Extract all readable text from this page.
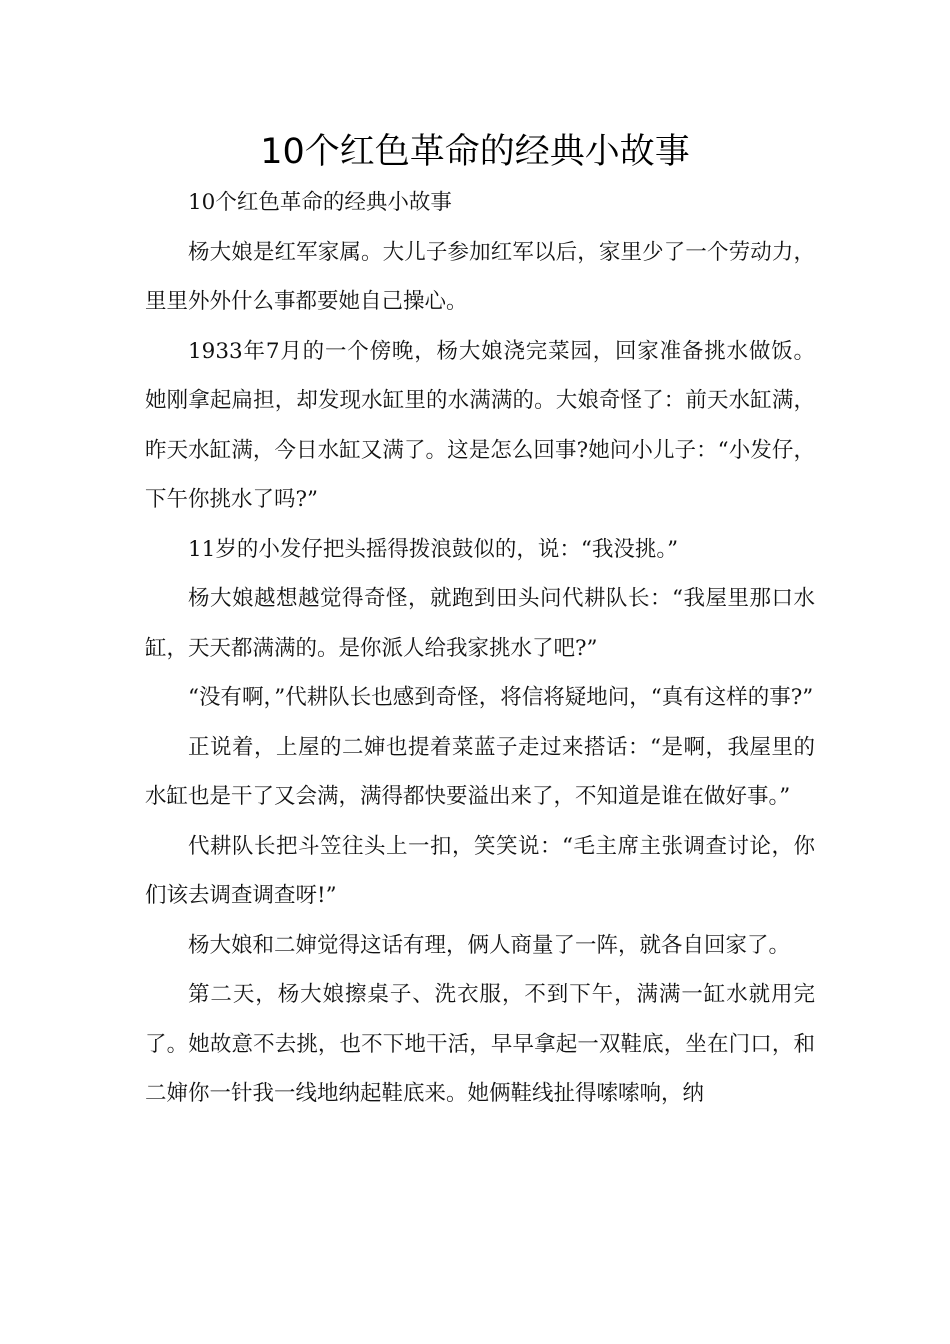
10个红色革命的经典小故事

10个红色革命的经典小故事

杨大娘是红军家属。大儿子参加红军以后，家里少了一个劳动力，里里外外什么事都要她自己操心。

1933年7月的一个傍晚，杨大娘浇完菜园，回家准备挑水做饭。她刚拿起扁担，却发现水缸里的水满满的。大娘奇怪了：前天水缸满，昨天水缸满，今日水缸又满了。这是怎么回事?她问小儿子：“小发仔，下午你挑水了吗?”

11岁的小发仔把头摇得拨浪鼓似的，说：“我没挑。”

杨大娘越想越觉得奇怪，就跑到田头问代耕队长：“我屋里那口水缸，天天都满满的。是你派人给我家挑水了吧?”

“没有啊，”代耕队长也感到奇怪，将信将疑地问，“真有这样的事?”

正说着，上屋的二婶也提着菜蓝子走过来搭话：“是啊，我屋里的水缸也是干了又会满，满得都快要溢出来了，不知道是谁在做好事。”

代耕队长把斗笠往头上一扣，笑笑说：“毛主席主张调查讨论，你们该去调查调查呀!”

杨大娘和二婶觉得这话有理，俩人商量了一阵，就各自回家了。

第二天，杨大娘擦桌子、洗衣服，不到下午，满满一缸水就用完了。她故意不去挑，也不下地干活，早早拿起一双鞋底，坐在门口，和二婶你一针我一线地纳起鞋底来。她俩鞋线扯得嗦嗦响，纳
